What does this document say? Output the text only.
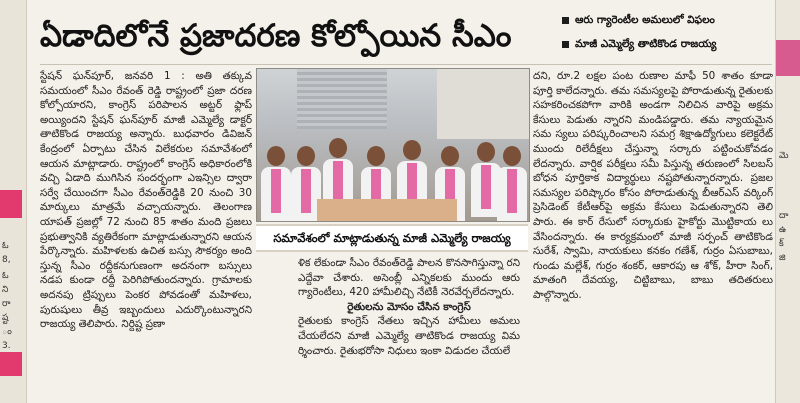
ఓ
ని
రా
ష్ట
ం
ఓ
8,
3.
మె
దా
ఉ
క్
జి
ఏడాదిలోనే ప్రజాదరణ కోల్పోయిన సీఎం	ఆరు గ్యారెంటీల అమలులో విఫలం
మాజీ ఎమ్మెల్యే తాటికొండ రాజయ్య

స్టేషన్ ఘన్‌పూర్, జనవరి 1 : అతి తక్కువ సమయంలో సీఎం రేవంత్ రెడ్డి రాష్ట్రంలో ప్రజా దరణ కోల్పోయారని, కాంగ్రెస్ పరిపాలన అట్టర్ ఫ్లాప్ అయ్యిందని స్టేషన్ ఘన్‌పూర్ మాజీ ఎమ్మెల్యే డాక్టర్ తాటికొండ రాజయ్య అన్నారు. బుధవారం డివిజన్ కేంద్రంలో ఏర్పాటు చేసిన విలేకరుల సమావేశంలో ఆయన మాట్లాడారు. రాష్ట్రంలో కాంగ్రెస్ అధికారంలోకి వచ్చి ఏడాది ముగిసిన సందర్భంగా ఎఇన్సిల ద్వారా సర్వే చేయించగా సీఎం రేవంత్‌రెడ్డికి 20 నుంచి 30 మార్కులు మాత్రమే వచ్చాయన్నారు. తెలంగాణ యాపత్ ప్రజల్లో 72 నుంచి 85 శాతం మంది ప్రజలు ప్రభుత్వానికి వ్యతిరేకంగా మాట్లాడుతున్నారని ఆయన పేర్కొన్నారు. మహిళలకు ఉచిత బస్సు సౌకర్యం అంది స్తున్న సీఎం రద్దీకనుగుణంగా అదనంగా బస్సులు నడప కుండా రద్దీ పెరిగిపోతుందన్నారు. గ్రామాలకు అదనపు ట్రిప్పులు పెంకర పోవడంతో మహిళలు, పురుషులు తీవ్ర ఇబ్బందులు ఎదుర్కొంటున్నారని రాజయ్య తెలిపారు. నిర్దిష్ట ప్రణా

సమావేశంలో మాట్లాడుతున్న మాజీ ఎమ్మెల్యే రాజయ్య

ళిక లేకుండా సీఎం రేవంత్‌రెడ్డి పాలన కొనసాగిస్తున్నా రని ఎద్దేవా చేశారు. అసెంబ్లీ ఎన్నికలకు ముందు ఆరు గ్యారెంటీలు, 420 హామీలిచ్చి నేటికీ నెరవేర్చలేదన్నారు.

రైతులను మోసం చేసిన కాంగ్రెస్

రైతులకు కాంగ్రెస్ నేతలు ఇచ్చిన హామీలు అమలు చేయలేదని మాజీ ఎమ్మెల్యే తాటికొండ రాజయ్య విమ ర్శించారు. రైతుభరోసా నిధులు ఇంకా విడుదల చేయలే

దని, రూ.2 లక్షల పంట రుణాల మాఫీ 50 శాతం కూడా పూర్తి కాలేదన్నారు. తమ సమస్యలపై పోరాడుతున్న రైతులకు సహకరించకపోగా వారికి అండగా నిలిచిన వారిపై అక్రమ కేసులు పెడుతు న్నారని మండిపడ్డారు. తమ న్యాయమైన సమ స్యలు పరిష్కరించాలని సమగ్ర శిక్షాఉద్యోగులు కలెక్టరేట్ ముందు రిలేదీక్షలు చేస్తున్నా సర్కారు పట్టించుకోవడం లేదన్నారు. వార్షిక పరీక్షలు సమీ పిస్తున్న తరుణంలో సిలబస్ బోధన పూర్తికాక విద్యార్థులు నష్టపోతున్నారన్నారు. ప్రజల సమస్యల పరిష్కారం కోసం పోరాడుతున్న బీఆర్ఎస్ వర్కింగ్ ప్రెసిడెంట్ కేటీఆర్‌పై అక్రమ కేసులు పెడుతున్నారని తెలి పారు. ఈ కార్ రేసులో సర్కారుకు హైకోర్టు మొట్టికాయ లు వేసిందన్నారు. ఈ కార్యక్రమంలో మాజీ సర్పంచ్ తాటికొండ సురేశ్, స్వామి, నాయకులు కనకం గణేశ్, గుర్రం ఏసుబాబు, గుండు మల్లేశ్, గుర్రం శంకర్, ఆకారపు ఆ శోక్, హీరా సింగ్, మాతంగి దేవయ్య, చిట్టిబాబు, బాబు తదితరులు పాల్గొన్నారు.
